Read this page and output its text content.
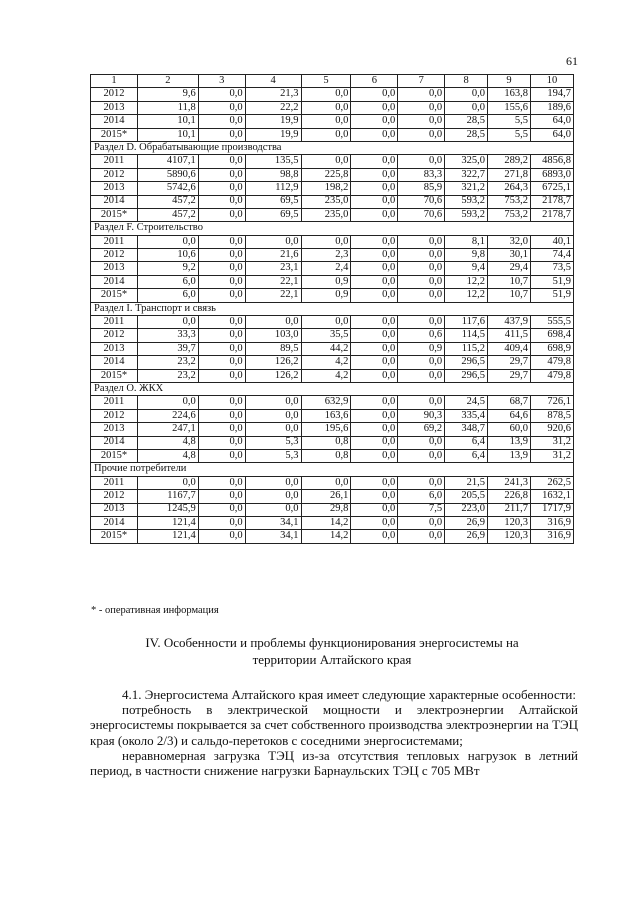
61
1	2	3	4	5	6	7	8	9	10
2012	9,6	0,0	21,3	0,0	0,0	0,0	0,0	163,8	194,7
2013	11,8	0,0	22,2	0,0	0,0	0,0	0,0	155,6	189,6
2014	10,1	0,0	19,9	0,0	0,0	0,0	28,5	5,5	64,0
2015*	10,1	0,0	19,9	0,0	0,0	0,0	28,5	5,5	64,0
Раздел D. Обрабатывающие производства									
2011	4107,1	0,0	135,5	0,0	0,0	0,0	325,0	289,2	4856,8
2012	5890,6	0,0	98,8	225,8	0,0	83,3	322,7	271,8	6893,0
2013	5742,6	0,0	112,9	198,2	0,0	85,9	321,2	264,3	6725,1
2014	457,2	0,0	69,5	235,0	0,0	70,6	593,2	753,2	2178,7
2015*	457,2	0,0	69,5	235,0	0,0	70,6	593,2	753,2	2178,7
Раздел F. Строительство									
2011	0,0	0,0	0,0	0,0	0,0	0,0	8,1	32,0	40,1
2012	10,6	0,0	21,6	2,3	0,0	0,0	9,8	30,1	74,4
2013	9,2	0,0	23,1	2,4	0,0	0,0	9,4	29,4	73,5
2014	6,0	0,0	22,1	0,9	0,0	0,0	12,2	10,7	51,9
2015*	6,0	0,0	22,1	0,9	0,0	0,0	12,2	10,7	51,9
Раздел I. Транспорт и связь									
2011	0,0	0,0	0,0	0,0	0,0	0,0	117,6	437,9	555,5
2012	33,3	0,0	103,0	35,5	0,0	0,6	114,5	411,5	698,4
2013	39,7	0,0	89,5	44,2	0,0	0,9	115,2	409,4	698,9
2014	23,2	0,0	126,2	4,2	0,0	0,0	296,5	29,7	479,8
2015*	23,2	0,0	126,2	4,2	0,0	0,0	296,5	29,7	479,8
Раздел О. ЖКХ									
2011	0,0	0,0	0,0	632,9	0,0	0,0	24,5	68,7	726,1
2012	224,6	0,0	0,0	163,6	0,0	90,3	335,4	64,6	878,5
2013	247,1	0,0	0,0	195,6	0,0	69,2	348,7	60,0	920,6
2014	4,8	0,0	5,3	0,8	0,0	0,0	6,4	13,9	31,2
2015*	4,8	0,0	5,3	0,8	0,0	0,0	6,4	13,9	31,2
Прочие потребители									
2011	0,0	0,0	0,0	0,0	0,0	0,0	21,5	241,3	262,5
2012	1167,7	0,0	0,0	26,1	0,0	6,0	205,5	226,8	1632,1
2013	1245,9	0,0	0,0	29,8	0,0	7,5	223,0	211,7	1717,9
2014	121,4	0,0	34,1	14,2	0,0	0,0	26,9	120,3	316,9
2015*	121,4	0,0	34,1	14,2	0,0	0,0	26,9	120,3	316,9
* - оперативная информация
IV. Особенности и проблемы функционирования энергосистемы на
территории Алтайского края

4.1. Энергосистема Алтайского края имеет следующие характерные особенности:

потребность в электрической мощности и электроэнергии Алтайской энергосистемы покрывается за счет собственного производства электроэнергии на ТЭЦ края (около 2/3) и сальдо-перетоков с соседними энергосистемами;

неравномерная загрузка ТЭЦ из-за отсутствия тепловых нагрузок в летний период, в частности снижение нагрузки Барнаульских ТЭЦ с 705 МВт
